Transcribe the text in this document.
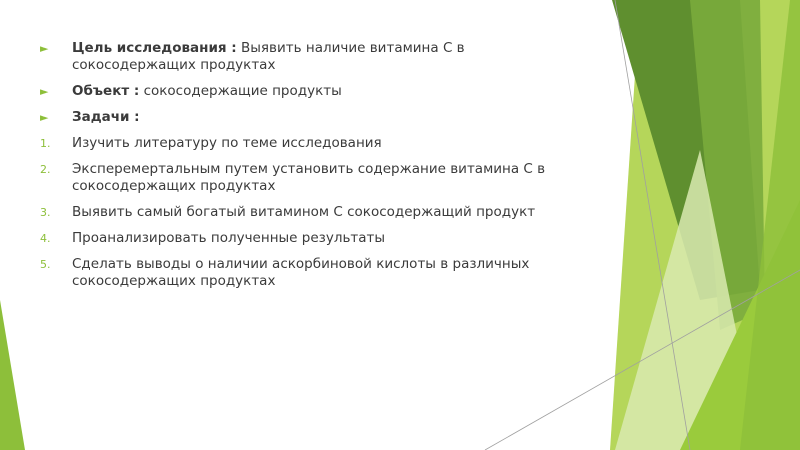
► Цель исследования : Выявить наличие витамина С в сокосодержащих продуктах
► Объект : сокосодержащие продукты
► Задачи :
1. Изучить литературу по теме исследования
2. Эксперемертальным путем установить содержание витамина С в сокосодержащих продуктах
3. Выявить самый богатый витамином С сокосодержащий продукт
4. Проанализировать полученные результаты
5. Сделать выводы о наличии аскорбиновой кислоты в различных сокосодержащих продуктах
